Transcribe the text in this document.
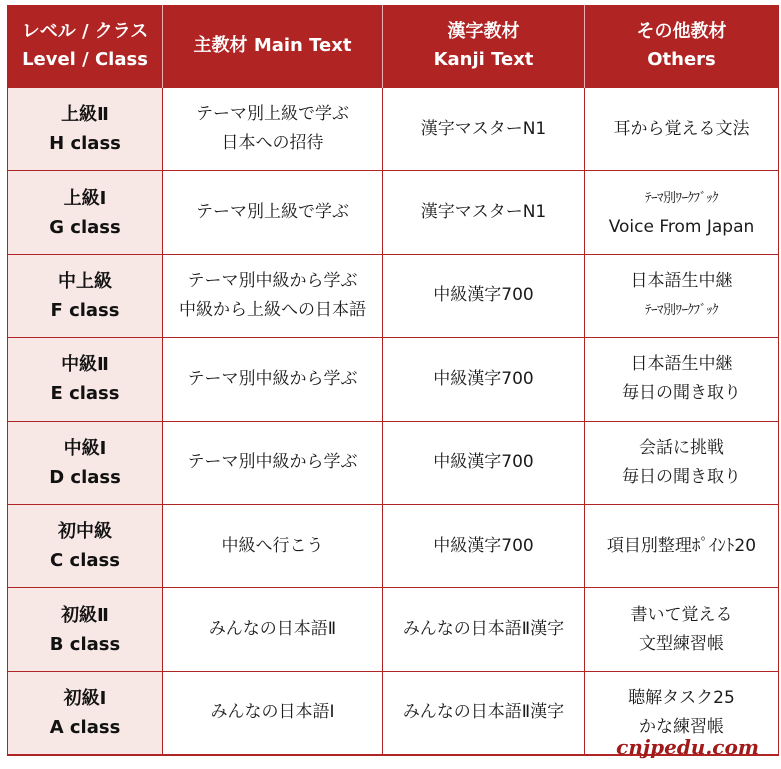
レベル / クラス
Level / Class	主教材 Main Text	漢字教材
Kanji Text	その他教材
Others

上級Ⅱ
H class	テーマ別上級で学ぶ
日本への招待	漢字マスターN1	耳から覚える文法

上級Ⅰ
G class	テーマ別上級で学ぶ	漢字マスターN1	ﾃｰﾏ別ﾜｰｸﾌﾞｯｸ
Voice From Japan

中上級
F class	テーマ別中級から学ぶ
中級から上級への日本語	中級漢字700	日本語生中継
ﾃｰﾏ別ﾜｰｸﾌﾞｯｸ

中級Ⅱ
E class	テーマ別中級から学ぶ	中級漢字700	日本語生中継
毎日の聞き取り

中級Ⅰ
D class	テーマ別中級から学ぶ	中級漢字700	会話に挑戦
毎日の聞き取り

初中級
C class	中級へ行こう	中級漢字700	項目別整理ﾎﾟｲﾝﾄ20

初級Ⅱ
B class	みんなの日本語Ⅱ	みんなの日本語Ⅱ漢字	書いて覚える
文型練習帳

初級Ⅰ
A class	みんなの日本語Ⅰ	みんなの日本語Ⅱ漢字	聴解タスク25
かな練習帳
cnjpedu.com
